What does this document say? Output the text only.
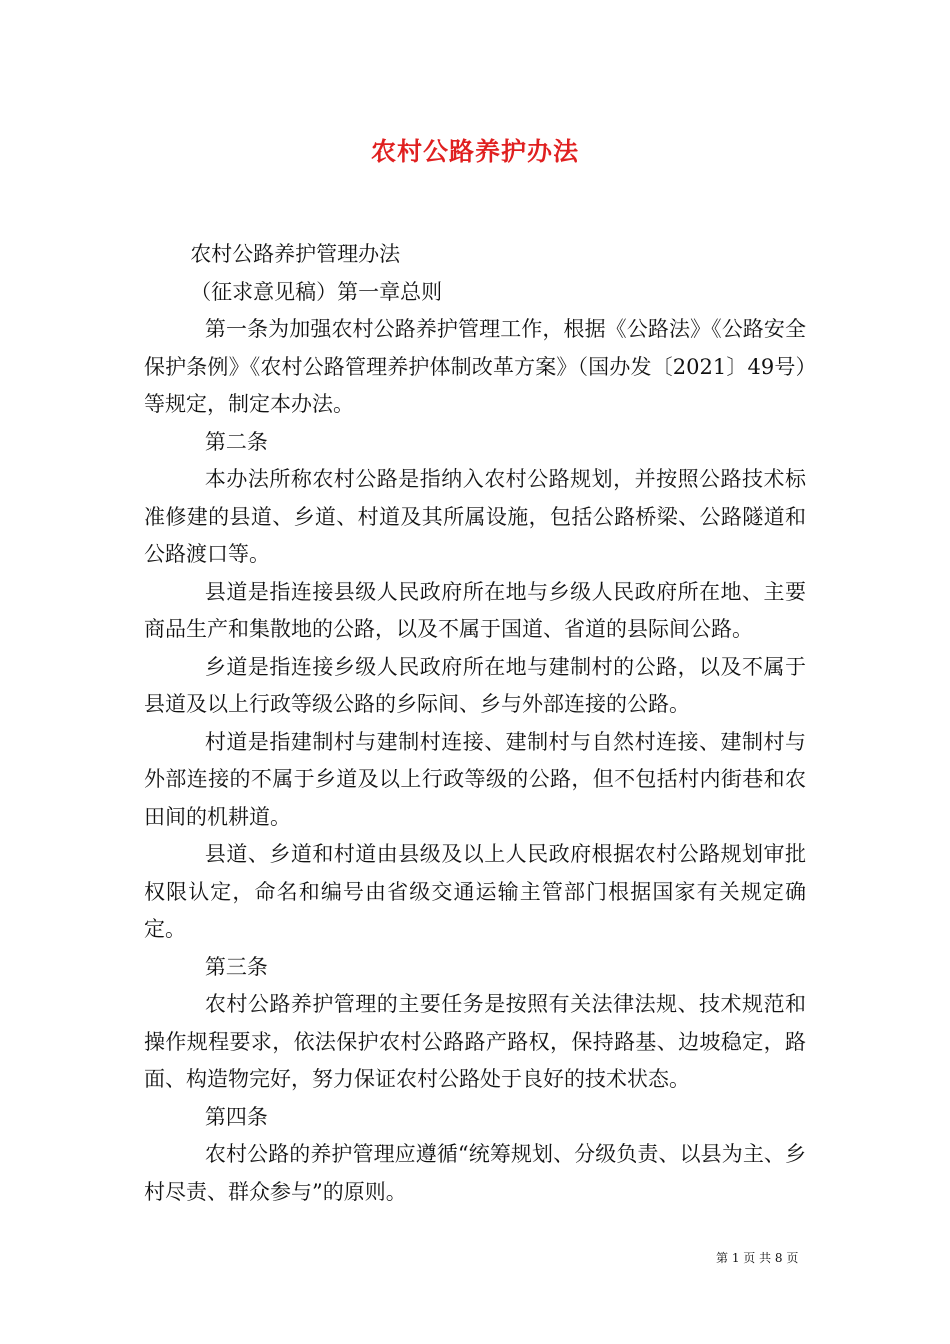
农村公路养护办法

农村公路养护管理办法

（征求意见稿）第一章总则

第一条为加强农村公路养护管理工作，根据《公路法》《公路安全保护条例》《农村公路管理养护体制改革方案》（国办发〔2021〕49号）等规定，制定本办法。

第二条

本办法所称农村公路是指纳入农村公路规划，并按照公路技术标准修建的县道、乡道、村道及其所属设施，包括公路桥梁、公路隧道和公路渡口等。

县道是指连接县级人民政府所在地与乡级人民政府所在地、主要商品生产和集散地的公路，以及不属于国道、省道的县际间公路。

乡道是指连接乡级人民政府所在地与建制村的公路，以及不属于县道及以上行政等级公路的乡际间、乡与外部连接的公路。

村道是指建制村与建制村连接、建制村与自然村连接、建制村与外部连接的不属于乡道及以上行政等级的公路，但不包括村内街巷和农田间的机耕道。

县道、乡道和村道由县级及以上人民政府根据农村公路规划审批权限认定，命名和编号由省级交通运输主管部门根据国家有关规定确定。

第三条

农村公路养护管理的主要任务是按照有关法律法规、技术规范和操作规程要求，依法保护农村公路路产路权，保持路基、边坡稳定，路面、构造物完好，努力保证农村公路处于良好的技术状态。

第四条

农村公路的养护管理应遵循“统筹规划、分级负责、以县为主、乡村尽责、群众参与”的原则。

第 1 页 共 8 页
